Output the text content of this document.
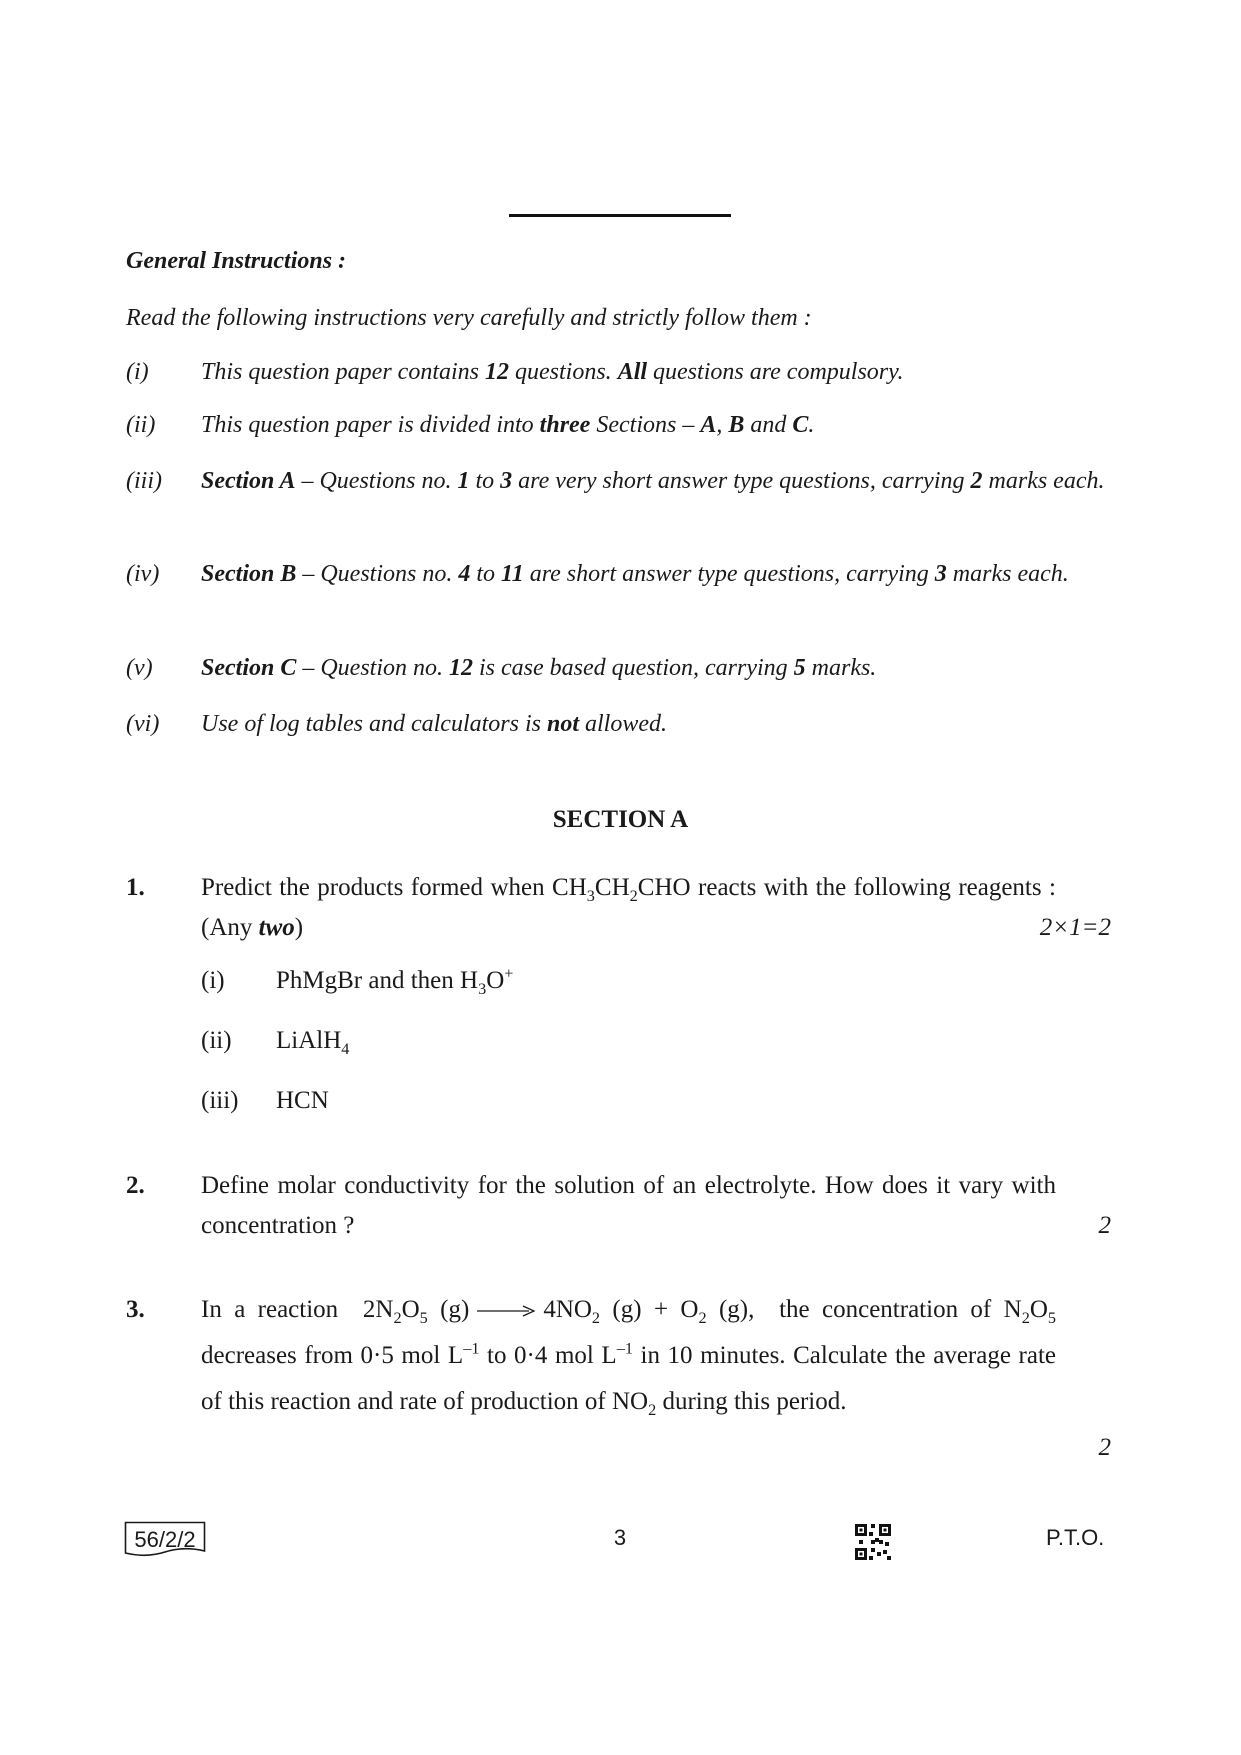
General Instructions :
Read the following instructions very carefully and strictly follow them :
(i) This question paper contains 12 questions. All questions are compulsory.
(ii) This question paper is divided into three Sections – A, B and C.
(iii) Section A – Questions no. 1 to 3 are very short answer type questions, carrying 2 marks each.
(iv) Section B – Questions no. 4 to 11 are short answer type questions, carrying 3 marks each.
(v) Section C – Question no. 12 is case based question, carrying 5 marks.
(vi) Use of log tables and calculators is not allowed.
SECTION A
1. Predict the products formed when $CH_3CH_2CHO$ reacts with the following reagents : (Any two)	2×1=2
(i) PhMgBr and then $H_3O^+$
(ii) LiAlH$_4$
(iii) HCN
2. Define molar conductivity for the solution of an electrolyte. How does it vary with concentration ?	2
3. In a reaction  $2N_2O_5$ $(g) \to 4NO_2$ $(g) + O_2$ (g),  the concentration of $N_2O_5$ decreases from 0·5 mol $L^{-1}$ to 0·4 mol $L^{-1}$ in 10 minutes. Calculate the average rate of this reaction and rate of production of $NO_2$ during this period.
2
56/2/2	3	P.T.O.
